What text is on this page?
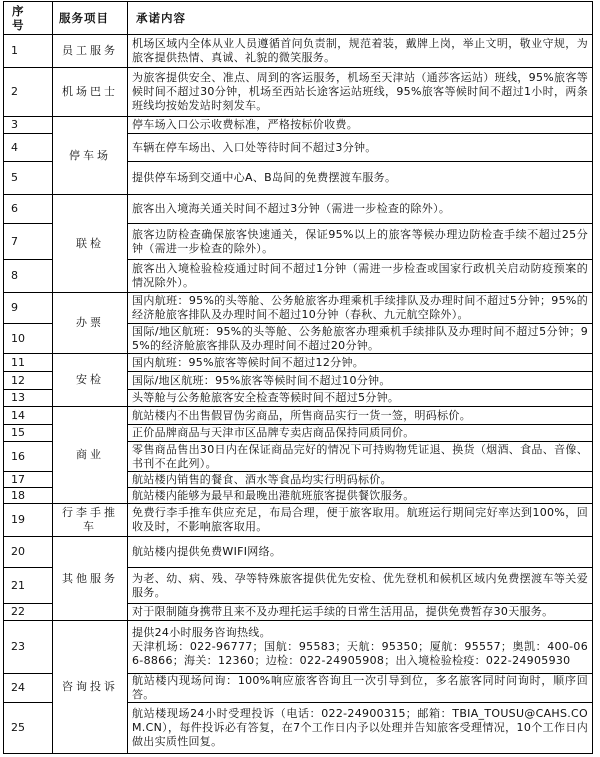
序号	服务项目	承诺内容
1	员工服务	机场区域内全体从业人员遵循首问负责制，规范着装，戴牌上岗，举止文明，敬业守规，为旅客提供热情、真诚、礼貌的微笑服务。
2	机场巴士	为旅客提供安全、准点、周到的客运服务，机场至天津站（通莎客运站）班线，95%旅客等候时间不超过30分钟，机场至西站长途客运站班线，95%旅客等候时间不超过1小时，两条班线均按始发站时刻发车。
3	停车场	停车场入口公示收费标准，严格按标价收费。
4		车辆在停车场出、入口处等待时间不超过3分钟。
5		提供停车场到交通中心A、B岛间的免费摆渡车服务。
6	联检	旅客出入境海关通关时间不超过3分钟（需进一步检查的除外）。
7		旅客边防检查确保旅客快速通关，保证95%以上的旅客等候办理边防检查手续不超过25分钟（需进一步检查的除外）。
8		旅客出入境检验检疫通过时间不超过1分钟（需进一步检查或国家行政机关启动防疫预案的情况除外）。
9	办票	国内航班：95%的头等舱、公务舱旅客办理乘机手续排队及办理时间不超过5分钟；95%的经济舱旅客排队及办理时间不超过10分钟（春秋、九元航空除外）。
10		国际/地区航班：95%的头等舱、公务舱旅客办理乘机手续排队及办理时间不超过5分钟；95%的经济舱旅客排队及办理时间不超过20分钟。
11	安检	国内航班：95%旅客等候时间不超过12分钟。
12		国际/地区航班：95%旅客等候时间不超过10分钟。
13		头等舱与公务舱旅客安全检查等候时间不超过5分钟。
14	商业	航站楼内不出售假冒伪劣商品，所售商品实行一货一签，明码标价。
15		正价品牌商品与天津市区品牌专卖店商品保持同质同价。
16		零售商品售出30日内在保证商品完好的情况下可持购物凭证退、换货（烟酒、食品、音像、书刊不在此列）。
17		航站楼内销售的餐食、酒水等食品均实行明码标价。
18		航站楼内能够为最早和最晚出港航班旅客提供餐饮服务。
19	行李手推车	免费行李手推车供应充足，布局合理，便于旅客取用。航班运行期间完好率达到100%，回收及时，不影响旅客取用。
20	其他服务	航站楼内提供免费WIFI网络。
21		为老、幼、病、残、孕等特殊旅客提供优先安检、优先登机和候机区域内免费摆渡车等关爱服务。
22		对于限制随身携带且来不及办理托运手续的日常生活用品，提供免费暂存30天服务。
23	咨询投诉	提供24小时服务咨询热线。
天津机场：022-96777；国航：95583；天航：95350；厦航：95557；奥凯：400-066-8866；海关：12360；边检：022-24905908；出入境检验检疫：022-24905930

24		航站楼内现场问询：100%响应旅客咨询且一次引导到位，多名旅客同时问询时，顺序回答。
25		航站楼现场24小时受理投诉（电话：022-24900315；邮箱：TBIA_TOUSU@CAHS.COM.CN），每件投诉必有答复，在7个工作日内予以处理并告知旅客受理情况，10个工作日内做出实质性回复。
